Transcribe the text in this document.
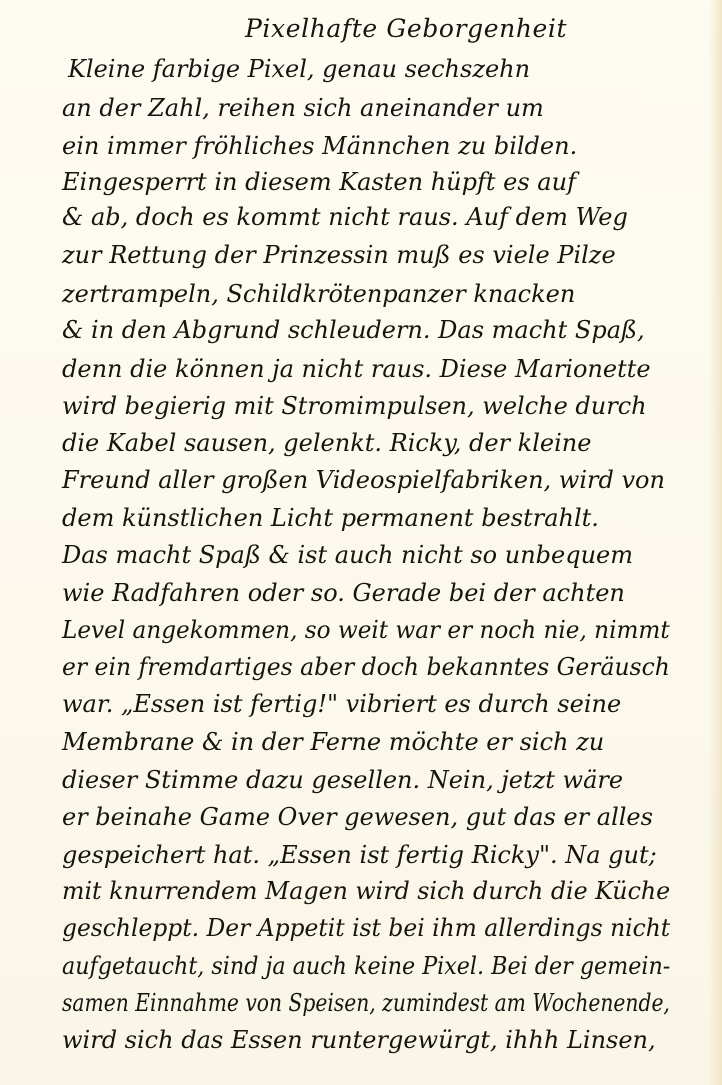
Pixelhafte Geborgenheit
Kleine farbige Pixel, genau sechszehn
an der Zahl, reihen sich aneinander um
ein immer fröhliches Männchen zu bilden.
Eingesperrt in diesem Kasten hüpft es auf
& ab, doch es kommt nicht raus. Auf dem Weg
zur Rettung der Prinzessin muß es viele Pilze
zertrampeln, Schildkrötenpanzer knacken
& in den Abgrund schleudern. Das macht Spaß,
denn die können ja nicht raus. Diese Marionette
wird begierig mit Stromimpulsen, welche durch
die Kabel sausen, gelenkt. Ricky, der kleine
Freund aller großen Videospielfabriken, wird von
dem künstlichen Licht permanent bestrahlt.
Das macht Spaß & ist auch nicht so unbequem
wie Radfahren oder so. Gerade bei der achten
Level angekommen, so weit war er noch nie, nimmt
er ein fremdartiges aber doch bekanntes Geräusch
war. „Essen ist fertig!" vibriert es durch seine
Membrane & in der Ferne möchte er sich zu
dieser Stimme dazu gesellen. Nein, jetzt wäre
er beinahe Game Over gewesen, gut das er alles
gespeichert hat. „Essen ist fertig Ricky". Na gut;
mit knurrendem Magen wird sich durch die Küche
geschleppt. Der Appetit ist bei ihm allerdings nicht
aufgetaucht, sind ja auch keine Pixel. Bei der gemein-
samen Einnahme von Speisen, zumindest am Wochenende,
wird sich das Essen runtergewürgt, ihhh Linsen,
